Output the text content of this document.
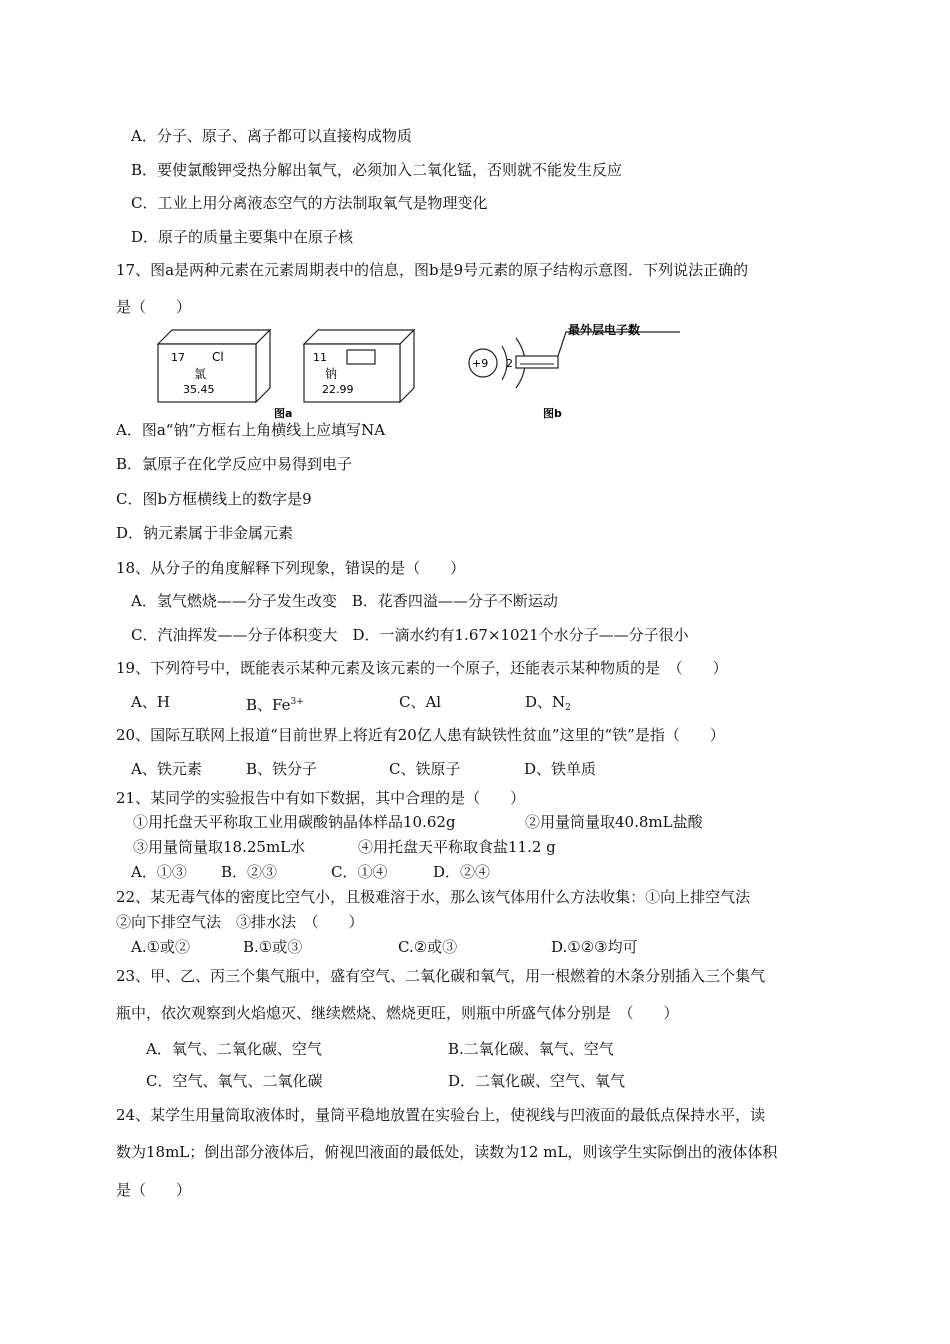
A．分子、原子、离子都可以直接构成物质
B．要使氯酸钾受热分解出氧气，必须加入二氧化锰，否则就不能发生反应
C．工业上用分离液态空气的方法制取氧气是物理变化
D．原子的质量主要集中在原子核
17、图a是两种元素在元素周期表中的信息，图b是9号元素的原子结构示意图．下列说法正确的
是（　　）
17 Cl
氯
35.45
11
钠
22.99
图a
+9 2
最外层电子数
图b
A．图a“钠”方框右上角横线上应填写NA
B．氯原子在化学反应中易得到电子
C．图b方框横线上的数字是9
D．钠元素属于非金属元素
18、从分子的角度解释下列现象，错误的是（　　）
A．氢气燃烧——分子发生改变　B．花香四溢——分子不断运动
C．汽油挥发——分子体积变大　D．一滴水约有1.67×1021个水分子——分子很小
19、下列符号中，既能表示某种元素及该元素的一个原子，还能表示某种物质的是　（　　）
A、H	B、$Fe^{3+}$	C、Al	D、$N_2$
20、国际互联网上报道“目前世界上将近有20亿人患有缺铁性贫血”这里的“铁”是指（　　）
A、铁元素	B、铁分子	C、铁原子	D、铁单质
21、某同学的实验报告中有如下数据，其中合理的是（　　）
①用托盘天平称取工业用碳酸钠晶体样品10.62g	②用量筒量取40.8mL盐酸
③用量筒量取18.25mL水	④用托盘天平称取食盐11.2 g
A．①③ B．②③	C．①④	D．②④
22、某无毒气体的密度比空气小，且极难溶于水，那么该气体用什么方法收集：①向上排空气法
②向下排空气法　③排水法　（　　）
A.①或②	B.①或③	C.②或③	D.①②③均可
23、甲、乙、丙三个集气瓶中，盛有空气、二氧化碳和氧气，用一根燃着的木条分别插入三个集气
瓶中，依次观察到火焰熄灭、继续燃烧、燃烧更旺，则瓶中所盛气体分别是　（　　）
A．氧气、二氧化碳、空气	B.二氧化碳、氧气、空气
C．空气、氧气、二氧化碳	D．二氧化碳、空气、氧气
24、某学生用量筒取液体时，量筒平稳地放置在实验台上，使视线与凹液面的最低点保持水平，读
数为18mL；倒出部分液体后，俯视凹液面的最低处，读数为12 mL，则该学生实际倒出的液体体积
是（　　）
